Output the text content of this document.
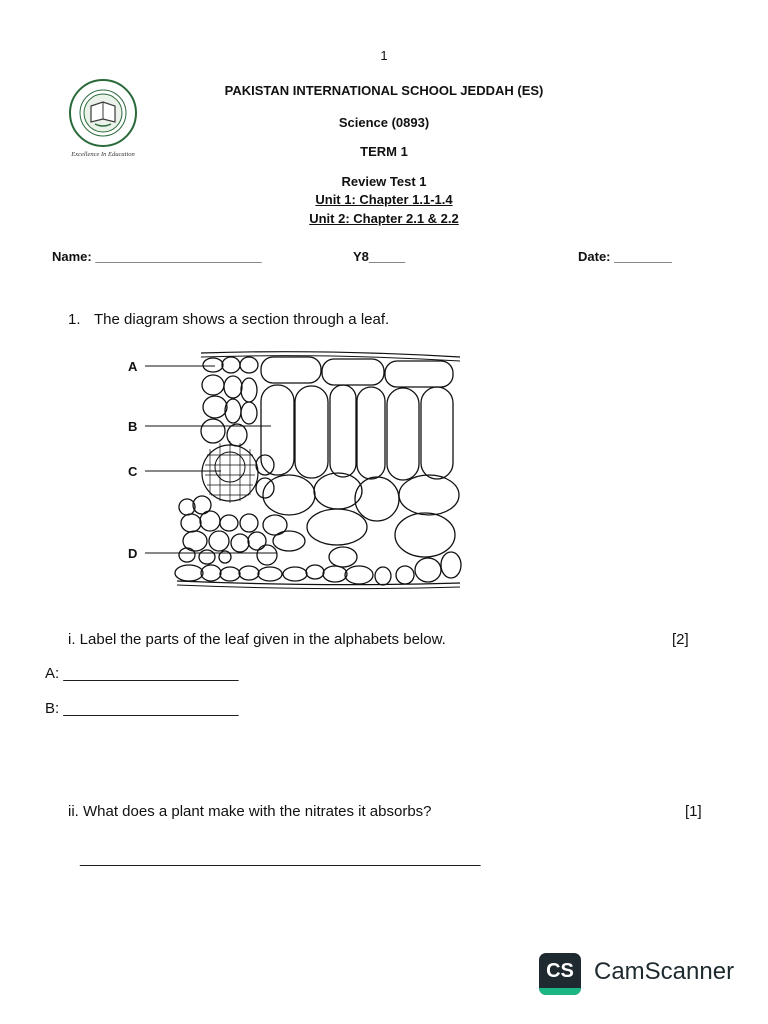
1
Excellence In Education
PAKISTAN INTERNATIONAL SCHOOL JEDDAH (ES)
Science (0893)
TERM 1
Review Test 1
Unit 1: Chapter 1.1-1.4
Unit 2: Chapter 2.1 & 2.2
Name: _______________________	Y8_____	Date: ________
1. The diagram shows a section through a leaf.
A
B
C
D
i. Label the parts of the leaf given in the alphabets below.	[2]
A: _____________________
B: _____________________
ii. What does a plant make with the nitrates it absorbs?	[1]
________________________________________________
CS CamScanner
